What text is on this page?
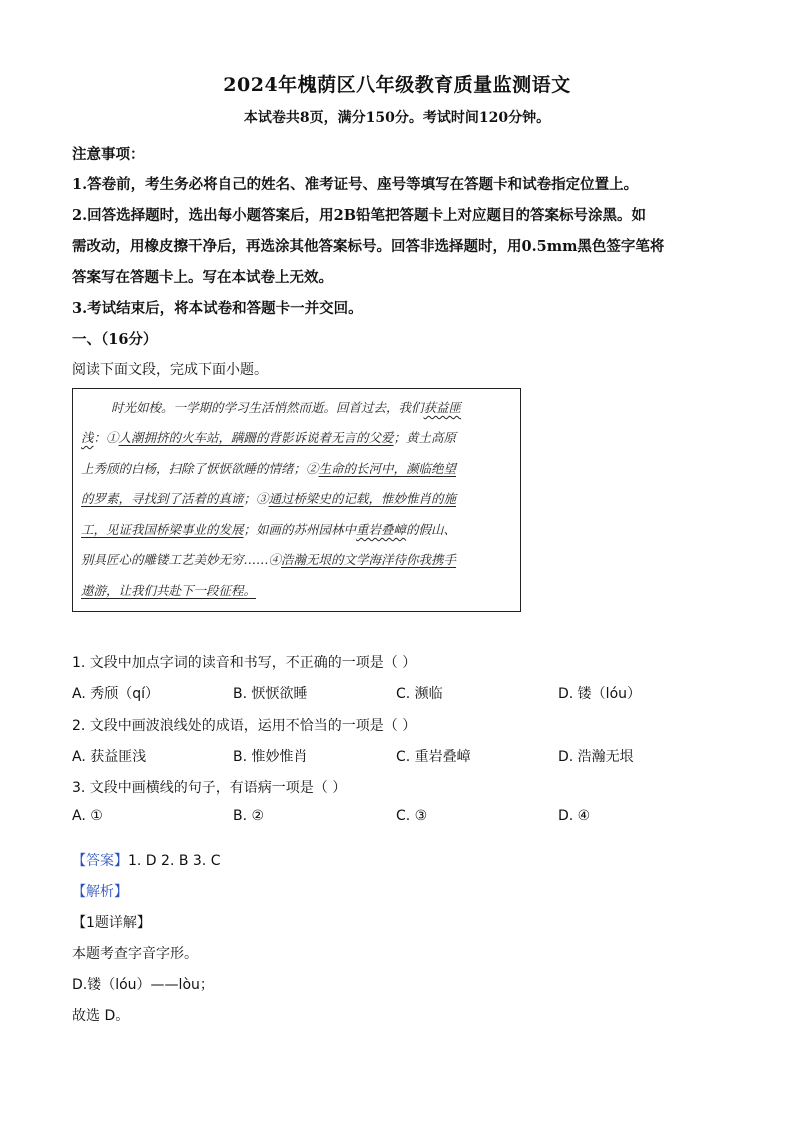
2024年槐荫区八年级教育质量监测语文
本试卷共8页，满分150分。考试时间120分钟。
注意事项：
1.答卷前，考生务必将自己的姓名、准考证号、座号等填写在答题卡和试卷指定位置上。
2.回答选择题时，选出每小题答案后，用2B铅笔把答题卡上对应题目的答案标号涂黑。如
需改动，用橡皮擦干净后，再选涂其他答案标号。回答非选择题时，用0.5mm黑色签字笔将
答案写在答题卡上。写在本试卷上无效。
3.考试结束后，将本试卷和答题卡一并交回。
一、（16分）
阅读下面文段，完成下面小题。
时光如梭。一学期的学习生活悄然而逝。回首过去，我们获益匪
浅：①人潮拥挤的火车站，蹒跚的背影诉说着无言的父爱；黄土高原
上秀颀的白杨，扫除了恹恹欲睡的情绪；②生命的长河中，濒临绝望
的罗素，寻找到了活着的真谛；③通过桥梁史的记载，惟妙惟肖的施
工，见证我国桥梁事业的发展；如画的苏州园林中重岩叠嶂的假山、
别具匠心的雕镂工艺美妙无穷……④浩瀚无垠的文学海洋待你我携手
遨游，让我们共赴下一段征程。
1. 文段中加点字词的读音和书写，不正确的一项是（ ）
A. 秀颀（qí）	B. 恹恹欲睡	C. 濒临	D. 镂（lóu）
2. 文段中画波浪线处的成语，运用不恰当的一项是（ ）
A. 获益匪浅	B. 惟妙惟肖	C. 重岩叠嶂	D. 浩瀚无垠
3. 文段中画横线的句子，有语病一项是（ ）
A. ①	B. ②	C. ③	D. ④
【答案】1. D 2. B 3. C
【解析】
【1题详解】
本题考查字音字形。
D.镂（lóu）——lòu；
故选 D。
